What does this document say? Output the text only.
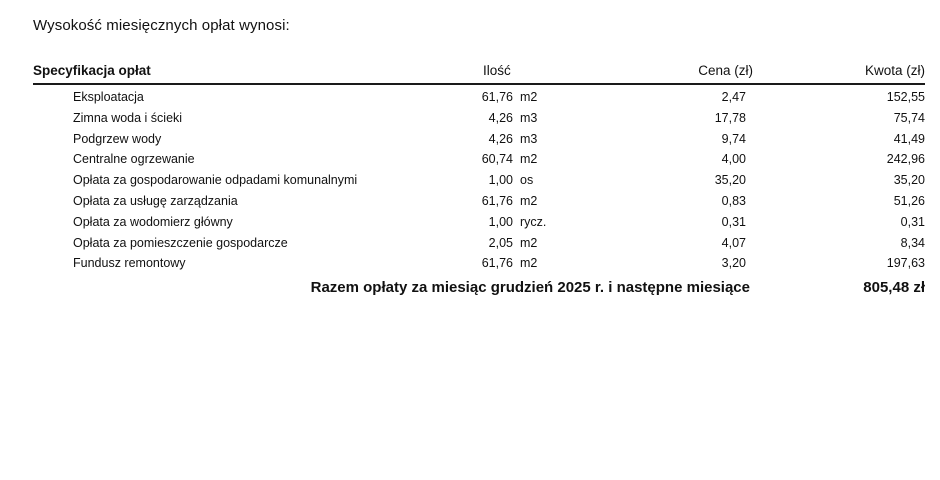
Wysokość miesięcznych opłat wynosi:
Specyfikacja opłat	Ilość	Cena (zł)	Kwota (zł)
Eksploatacja	61,76 m2	2,47	152,55
Zimna woda i ścieki	4,26 m3	17,78	75,74
Podgrzew wody	4,26 m3	9,74	41,49
Centralne ogrzewanie	60,74 m2	4,00	242,96
Opłata za gospodarowanie odpadami komunalnymi	1,00 os	35,20	35,20
Opłata za usługę zarządzania	61,76 m2	0,83	51,26
Opłata za wodomierz główny	1,00 rycz.	0,31	0,31
Opłata za pomieszczenie gospodarcze	2,05 m2	4,07	8,34
Fundusz remontowy	61,76 m2	3,20	197,63
Razem opłaty za miesiąc grudzień 2025 r. i następne miesiące	805,48 zł
